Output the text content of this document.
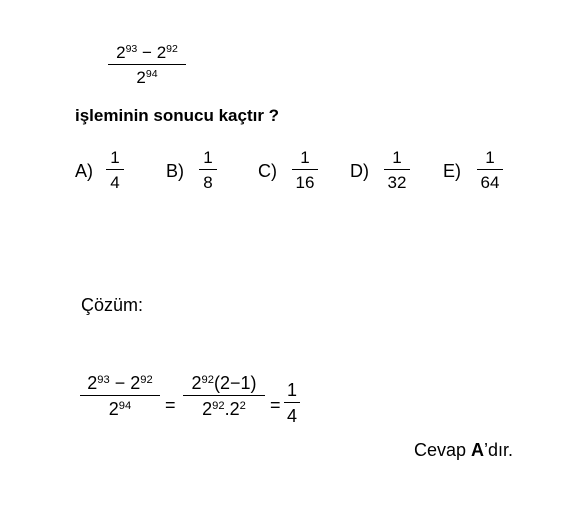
$2^{93} - 2^{92}$
$2^{94}$
işleminin sonucu kaçtır ?
A)
1
4
B)
1
8
C)
1
16
D)
1
32
E)
1
64
Çözüm:
$2^{93} - 2^{92}$
$2^{94}$	=
$2^{92}(2-1)$
$2^{92}.2^2$	=
1
4
Cevap A’dır.
